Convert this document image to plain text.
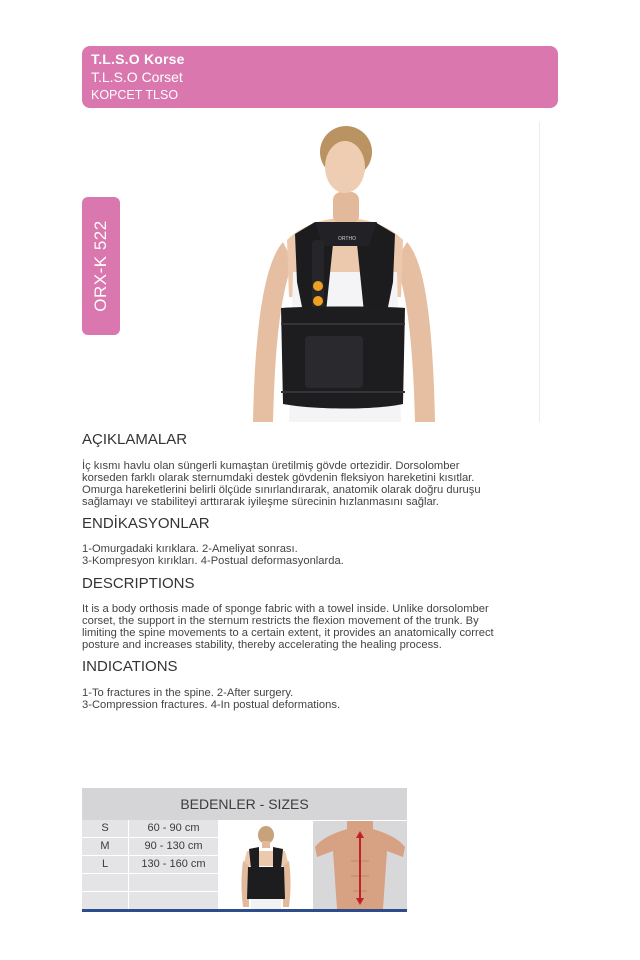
T.L.S.O Korse
T.L.S.O Corset
KOPCET TLSO
ORTHO
ORX-K 522
AÇIKLAMALAR
İç kısmı havlu olan süngerli kumaştan üretilmiş gövde ortezidir. Dorsolomber
korseden farklı olarak sternumdaki destek gövdenin fleksiyon hareketini kısıtlar.
Omurga hareketlerini belirli ölçüde sınırlandırarak, anatomik olarak doğru duruşu
sağlamayı ve stabiliteyi arttırarak iyileşme sürecinin hızlanmasını sağlar.
ENDİKASYONLAR
1-Omurgadaki kırıklara. 2-Ameliyat sonrası.
3-Kompresyon kırıkları. 4-Postual deformasyonlarda.
DESCRIPTIONS
It is a body orthosis made of sponge fabric with a towel inside. Unlike dorsolomber
corset, the support in the sternum restricts the flexion movement of the trunk. By
limiting the spine movements to a certain extent, it provides an anatomically correct
posture and increases stability, thereby accelerating the healing process.
INDICATIONS
1-To fractures in the spine. 2-After surgery.
3-Compression fractures. 4-In postual deformations.
BEDENLER - SIZES
S	60 - 90 cm
M	90 - 130 cm
L	130 - 160 cm
